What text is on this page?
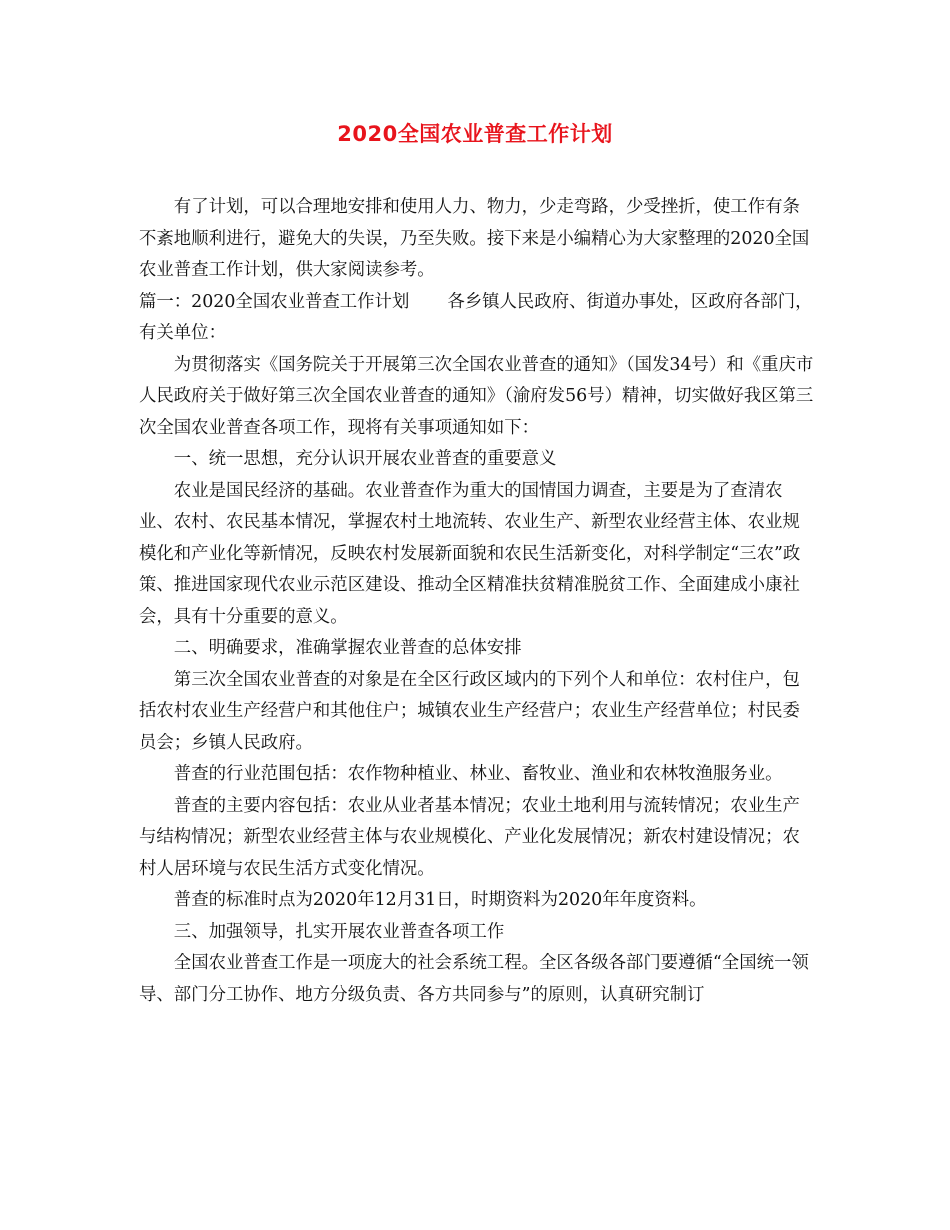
2020全国农业普查工作计划

有了计划，可以合理地安排和使用人力、物力，少走弯路，少受挫折，使工作有条不紊地顺利进行，避免大的失误，乃至失败。接下来是小编精心为大家整理的2020全国农业普查工作计划，供大家阅读参考。

篇一：2020全国农业普查工作计划 各乡镇人民政府、街道办事处，区政府各部门，有关单位：

为贯彻落实《国务院关于开展第三次全国农业普查的通知》（国发34号）和《重庆市人民政府关于做好第三次全国农业普查的通知》（渝府发56号）精神，切实做好我区第三次全国农业普查各项工作，现将有关事项通知如下：

一、统一思想，充分认识开展农业普查的重要意义

农业是国民经济的基础。农业普查作为重大的国情国力调查，主要是为了查清农业、农村、农民基本情况，掌握农村土地流转、农业生产、新型农业经营主体、农业规模化和产业化等新情况，反映农村发展新面貌和农民生活新变化，对科学制定“三农”政策、推进国家现代农业示范区建设、推动全区精准扶贫精准脱贫工作、全面建成小康社会，具有十分重要的意义。

二、明确要求，准确掌握农业普查的总体安排

第三次全国农业普查的对象是在全区行政区域内的下列个人和单位：农村住户，包括农村农业生产经营户和其他住户；城镇农业生产经营户；农业生产经营单位；村民委员会；乡镇人民政府。

普查的行业范围包括：农作物种植业、林业、畜牧业、渔业和农林牧渔服务业。

普查的主要内容包括：农业从业者基本情况；农业土地利用与流转情况；农业生产与结构情况；新型农业经营主体与农业规模化、产业化发展情况；新农村建设情况；农村人居环境与农民生活方式变化情况。

普查的标准时点为2020年12月31日，时期资料为2020年年度资料。

三、加强领导，扎实开展农业普查各项工作

全国农业普查工作是一项庞大的社会系统工程。全区各级各部门要遵循“全国统一领导、部门分工协作、地方分级负责、各方共同参与”的原则，认真研究制订
